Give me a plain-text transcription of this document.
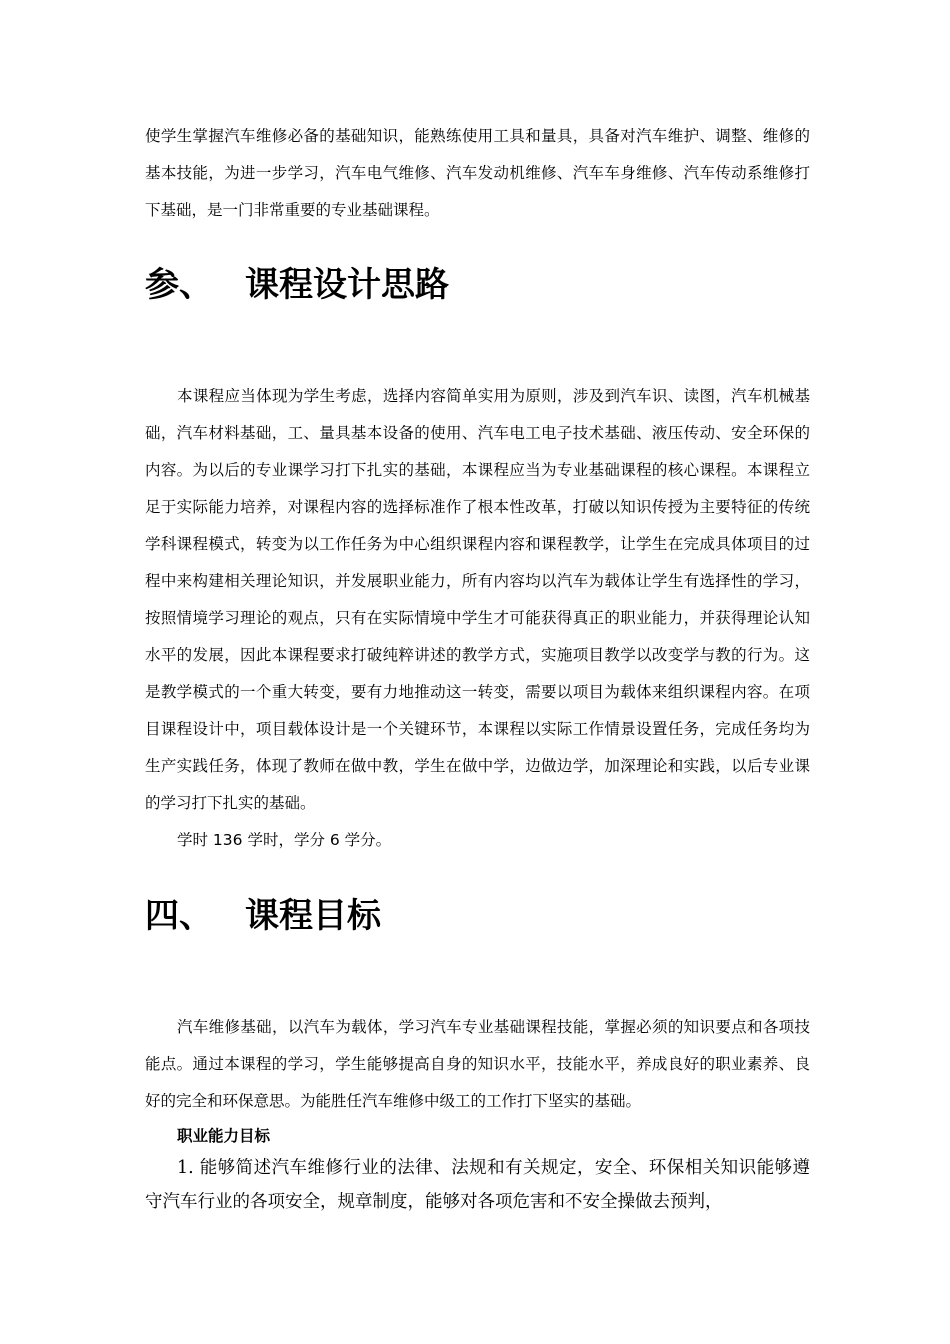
使学生掌握汽车维修必备的基础知识，能熟练使用工具和量具，具备对汽车维护、调整、维修的基本技能，为进一步学习，汽车电气维修、汽车发动机维修、汽车车身维修、汽车传动系维修打下基础，是一门非常重要的专业基础课程。

参、 课程设计思路

本课程应当体现为学生考虑，选择内容简单实用为原则，涉及到汽车识、读图，汽车机械基础，汽车材料基础，工、量具基本设备的使用、汽车电工电子技术基础、液压传动、安全环保的内容。为以后的专业课学习打下扎实的基础，本课程应当为专业基础课程的核心课程。本课程立足于实际能力培养，对课程内容的选择标准作了根本性改革，打破以知识传授为主要特征的传统学科课程模式，转变为以工作任务为中心组织课程内容和课程教学，让学生在完成具体项目的过程中来构建相关理论知识，并发展职业能力，所有内容均以汽车为载体让学生有选择性的学习，按照情境学习理论的观点，只有在实际情境中学生才可能获得真正的职业能力，并获得理论认知水平的发展，因此本课程要求打破纯粹讲述的教学方式，实施项目教学以改变学与教的行为。这是教学模式的一个重大转变，要有力地推动这一转变，需要以项目为载体来组织课程内容。在项目课程设计中，项目载体设计是一个关键环节，本课程以实际工作情景设置任务，完成任务均为生产实践任务，体现了教师在做中教，学生在做中学，边做边学，加深理论和实践，以后专业课的学习打下扎实的基础。

学时 136 学时，学分 6 学分。

四、 课程目标

汽车维修基础，以汽车为载体，学习汽车专业基础课程技能，掌握必须的知识要点和各项技能点。通过本课程的学习，学生能够提高自身的知识水平，技能水平，养成良好的职业素养、良好的完全和环保意思。为能胜任汽车维修中级工的工作打下坚实的基础。

职业能力目标

1. 能够简述汽车维修行业的法律、法规和有关规定，安全、环保相关知识能够遵守汽车行业的各项安全，规章制度，能够对各项危害和不安全操做去预判，
